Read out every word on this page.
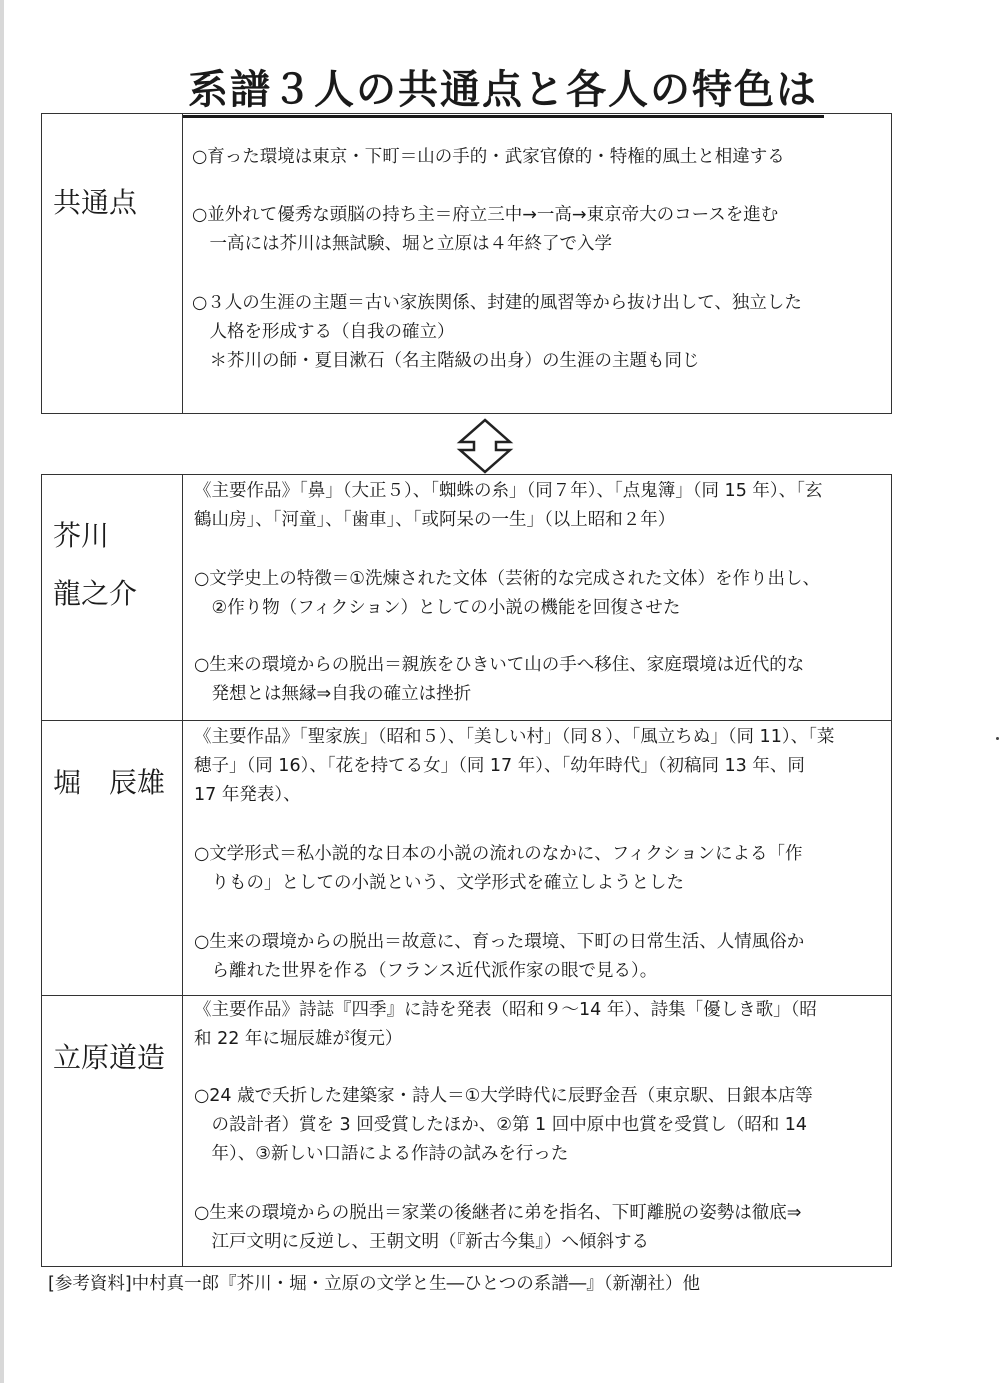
系譜３人の共通点と各人の特色は
共通点
○育った環境は東京・下町＝山の手的・武家官僚的・特権的風土と相違する
○並外れて優秀な頭脳の持ち主＝府立三中→一高→東京帝大のコースを進む
　一高には芥川は無試験、堀と立原は４年終了で入学
○３人の生涯の主題＝古い家族関係、封建的風習等から抜け出して、独立した
　人格を形成する（自我の確立）
　＊芥川の師・夏目漱石（名主階級の出身）の生涯の主題も同じ
芥川
龍之介
堀　辰雄
立原道造
《主要作品》「鼻」（大正５）、「蜘蛛の糸」（同７年）、「点鬼簿」（同 15 年）、「玄
鶴山房」、「河童」、「歯車」、「或阿呆の一生」（以上昭和２年）
○文学史上の特徴＝①洗煉された文体（芸術的な完成された文体）を作り出し、
　②作り物（フィクション）としての小説の機能を回復させた
○生来の環境からの脱出＝親族をひきいて山の手へ移住、家庭環境は近代的な
　発想とは無縁⇒自我の確立は挫折
《主要作品》「聖家族」（昭和５）、「美しい村」（同８）、「風立ちぬ」（同 11）、「菜
穂子」（同 16）、「花を持てる女」（同 17 年）、「幼年時代」（初稿同 13 年、同
17 年発表）、
○文学形式＝私小説的な日本の小説の流れのなかに、フィクションによる「作
　りもの」としての小説という、文学形式を確立しようとした
○生来の環境からの脱出＝故意に、育った環境、下町の日常生活、人情風俗か
　ら離れた世界を作る（フランス近代派作家の眼で見る）。
《主要作品》詩誌『四季』に詩を発表（昭和９～14 年）、詩集「優しき歌」（昭
和 22 年に堀辰雄が復元）
○24 歳で夭折した建築家・詩人＝①大学時代に辰野金吾（東京駅、日銀本店等
　の設計者）賞を 3 回受賞したほか、②第 1 回中原中也賞を受賞し（昭和 14
　年）、③新しい口語による作詩の試みを行った
○生来の環境からの脱出＝家業の後継者に弟を指名、下町離脱の姿勢は徹底⇒
　江戸文明に反逆し、王朝文明（『新古今集』）へ傾斜する
[参考資料]中村真一郎『芥川・堀・立原の文学と生―ひとつの系譜―』（新潮社）他
